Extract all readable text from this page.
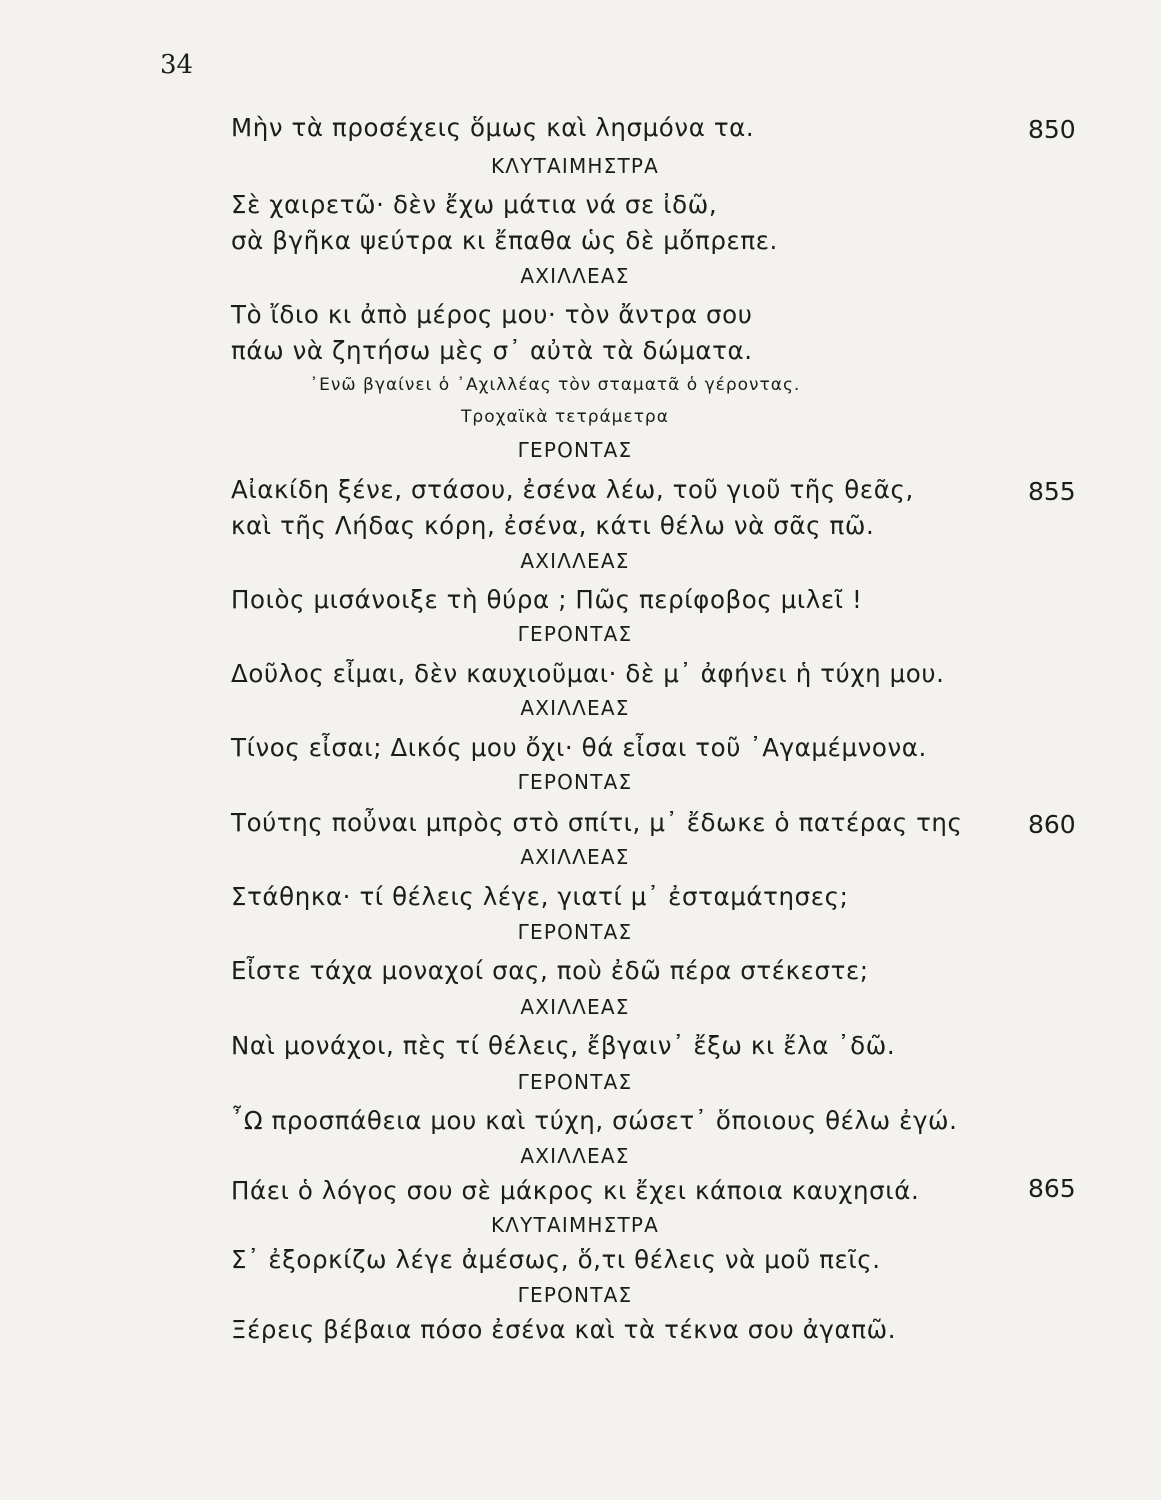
34
Μὴν τὰ προσέχεις ὅμως καὶ λησμόνα τα.	850
ΚΛΥΤΑΙΜΗΣΤΡΑ
Σὲ χαιρετῶ· δὲν ἔχω μάτια νά σε ἰδῶ,
σὰ βγῆκα ψεύτρα κι ἔπαθα ὡς δὲ μὄπρεπε.
ΑΧΙΛΛΕΑΣ
Τὸ ἴδιο κι ἀπὸ μέρος μου· τὸν ἄντρα σου
πάω νὰ ζητήσω μὲς σ᾽ αὐτὰ τὰ δώματα.
᾽Ενῶ βγαίνει ὁ ᾽Αχιλλέας τὸν σταματᾶ ὁ γέροντας.
Τροχαϊκὰ τετράμετρα
ΓΕΡΟΝΤΑΣ
Αἰακίδη ξένε, στάσου, ἐσένα λέω, τοῦ γιοῦ τῆς θεᾶς,	855
καὶ τῆς Λήδας κόρη, ἐσένα, κάτι θέλω νὰ σᾶς πῶ.
ΑΧΙΛΛΕΑΣ
Ποιὸς μισάνοιξε τὴ θύρα ; Πῶς περίφοβος μιλεῖ !
ΓΕΡΟΝΤΑΣ
Δοῦλος εἶμαι, δὲν καυχιοῦμαι· δὲ μ᾽ ἀφήνει ἡ τύχη μου.
ΑΧΙΛΛΕΑΣ
Τίνος εἶσαι; Δικός μου ὄχι· θά εἶσαι τοῦ ᾽Αγαμέμνονα.
ΓΕΡΟΝΤΑΣ
Τούτης ποὖναι μπρὸς στὸ σπίτι, μ᾽ ἔδωκε ὁ πατέρας της	860
ΑΧΙΛΛΕΑΣ
Στάθηκα· τί θέλεις λέγε, γιατί μ᾽ ἐσταμάτησες;
ΓΕΡΟΝΤΑΣ
Εἶστε τάχα μοναχοί σας, ποὺ ἐδῶ πέρα στέκεστε;
ΑΧΙΛΛΕΑΣ
Ναὶ μονάχοι, πὲς τί θέλεις, ἔβγαιν᾽ ἔξω κι ἔλα ᾽δῶ.
ΓΕΡΟΝΤΑΣ
῏Ω προσπάθεια μου καὶ τύχη, σώσετ᾽ ὅποιους θέλω ἐγώ.
ΑΧΙΛΛΕΑΣ
Πάει ὁ λόγος σου σὲ μάκρος κι ἔχει κάποια καυχησιά.	865
ΚΛΥΤΑΙΜΗΣΤΡΑ
Σ᾽ ἐξορκίζω λέγε ἀμέσως, ὅ,τι θέλεις νὰ μοῦ πεῖς.
ΓΕΡΟΝΤΑΣ
Ξέρεις βέβαια πόσο ἐσένα καὶ τὰ τέκνα σου ἀγαπῶ.
